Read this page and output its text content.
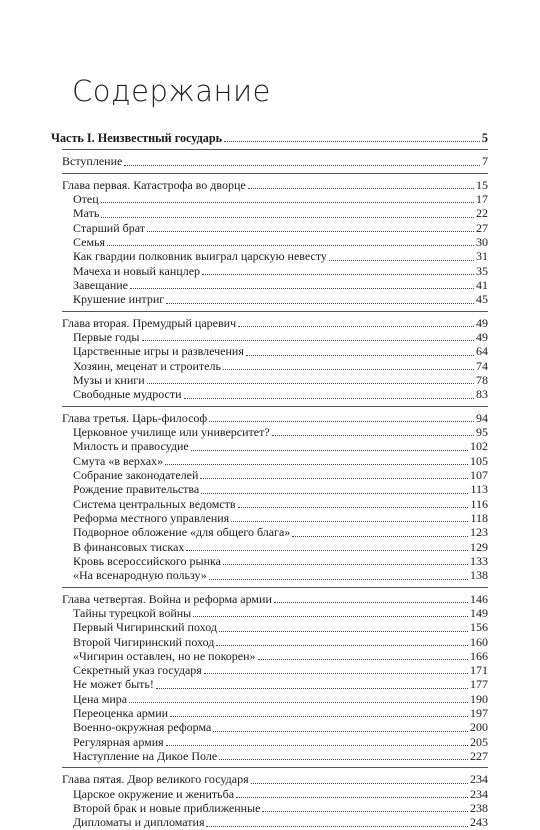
Содержание
Часть I. Неизвестный государь	5
Вступление	7
Глава первая. Катастрофа во дворце	15
Отец	17
Мать	22
Старший брат	27
Семья	30
Как гвардии полковник выиграл царскую невесту	31
Мачеха и новый канцлер	35
Завещание	41
Крушение интриг	45
Глава вторая. Премудрый царевич	49
Первые годы	49
Царственные игры и развлечения	64
Хозяин, меценат и строитель	74
Музы и книги	78
Свободные мудрости	83
Глава третья. Царь-философ	94
Церковное училище или университет?	95
Милость и правосудие	102
Смута «в верхах»	105
Собрание законодателей	107
Рождение правительства	113
Система центральных ведомств	116
Реформа местного управления	118
Подворное обложение «для общего блага»	123
В финансовых тисках	129
Кровь всероссийского рынка	133
«На всенародную пользу»	138
Глава четвертая. Война и реформа армии	146
Тайны турецкой войны	149
Первый Чигиринский поход	156
Второй Чигиринский поход	160
«Чигирин оставлен, но не покорен»	166
Секретный указ государя	171
Не может быть!	177
Цена мира	190
Переоценка армии	197
Военно-окружная реформа	200
Регулярная армия	205
Наступление на Дикое Поле	227
Глава пятая. Двор великого государя	234
Царское окружение и женитьба	234
Второй брак и новые приближенные	238
Дипломаты и дипломатия	243
